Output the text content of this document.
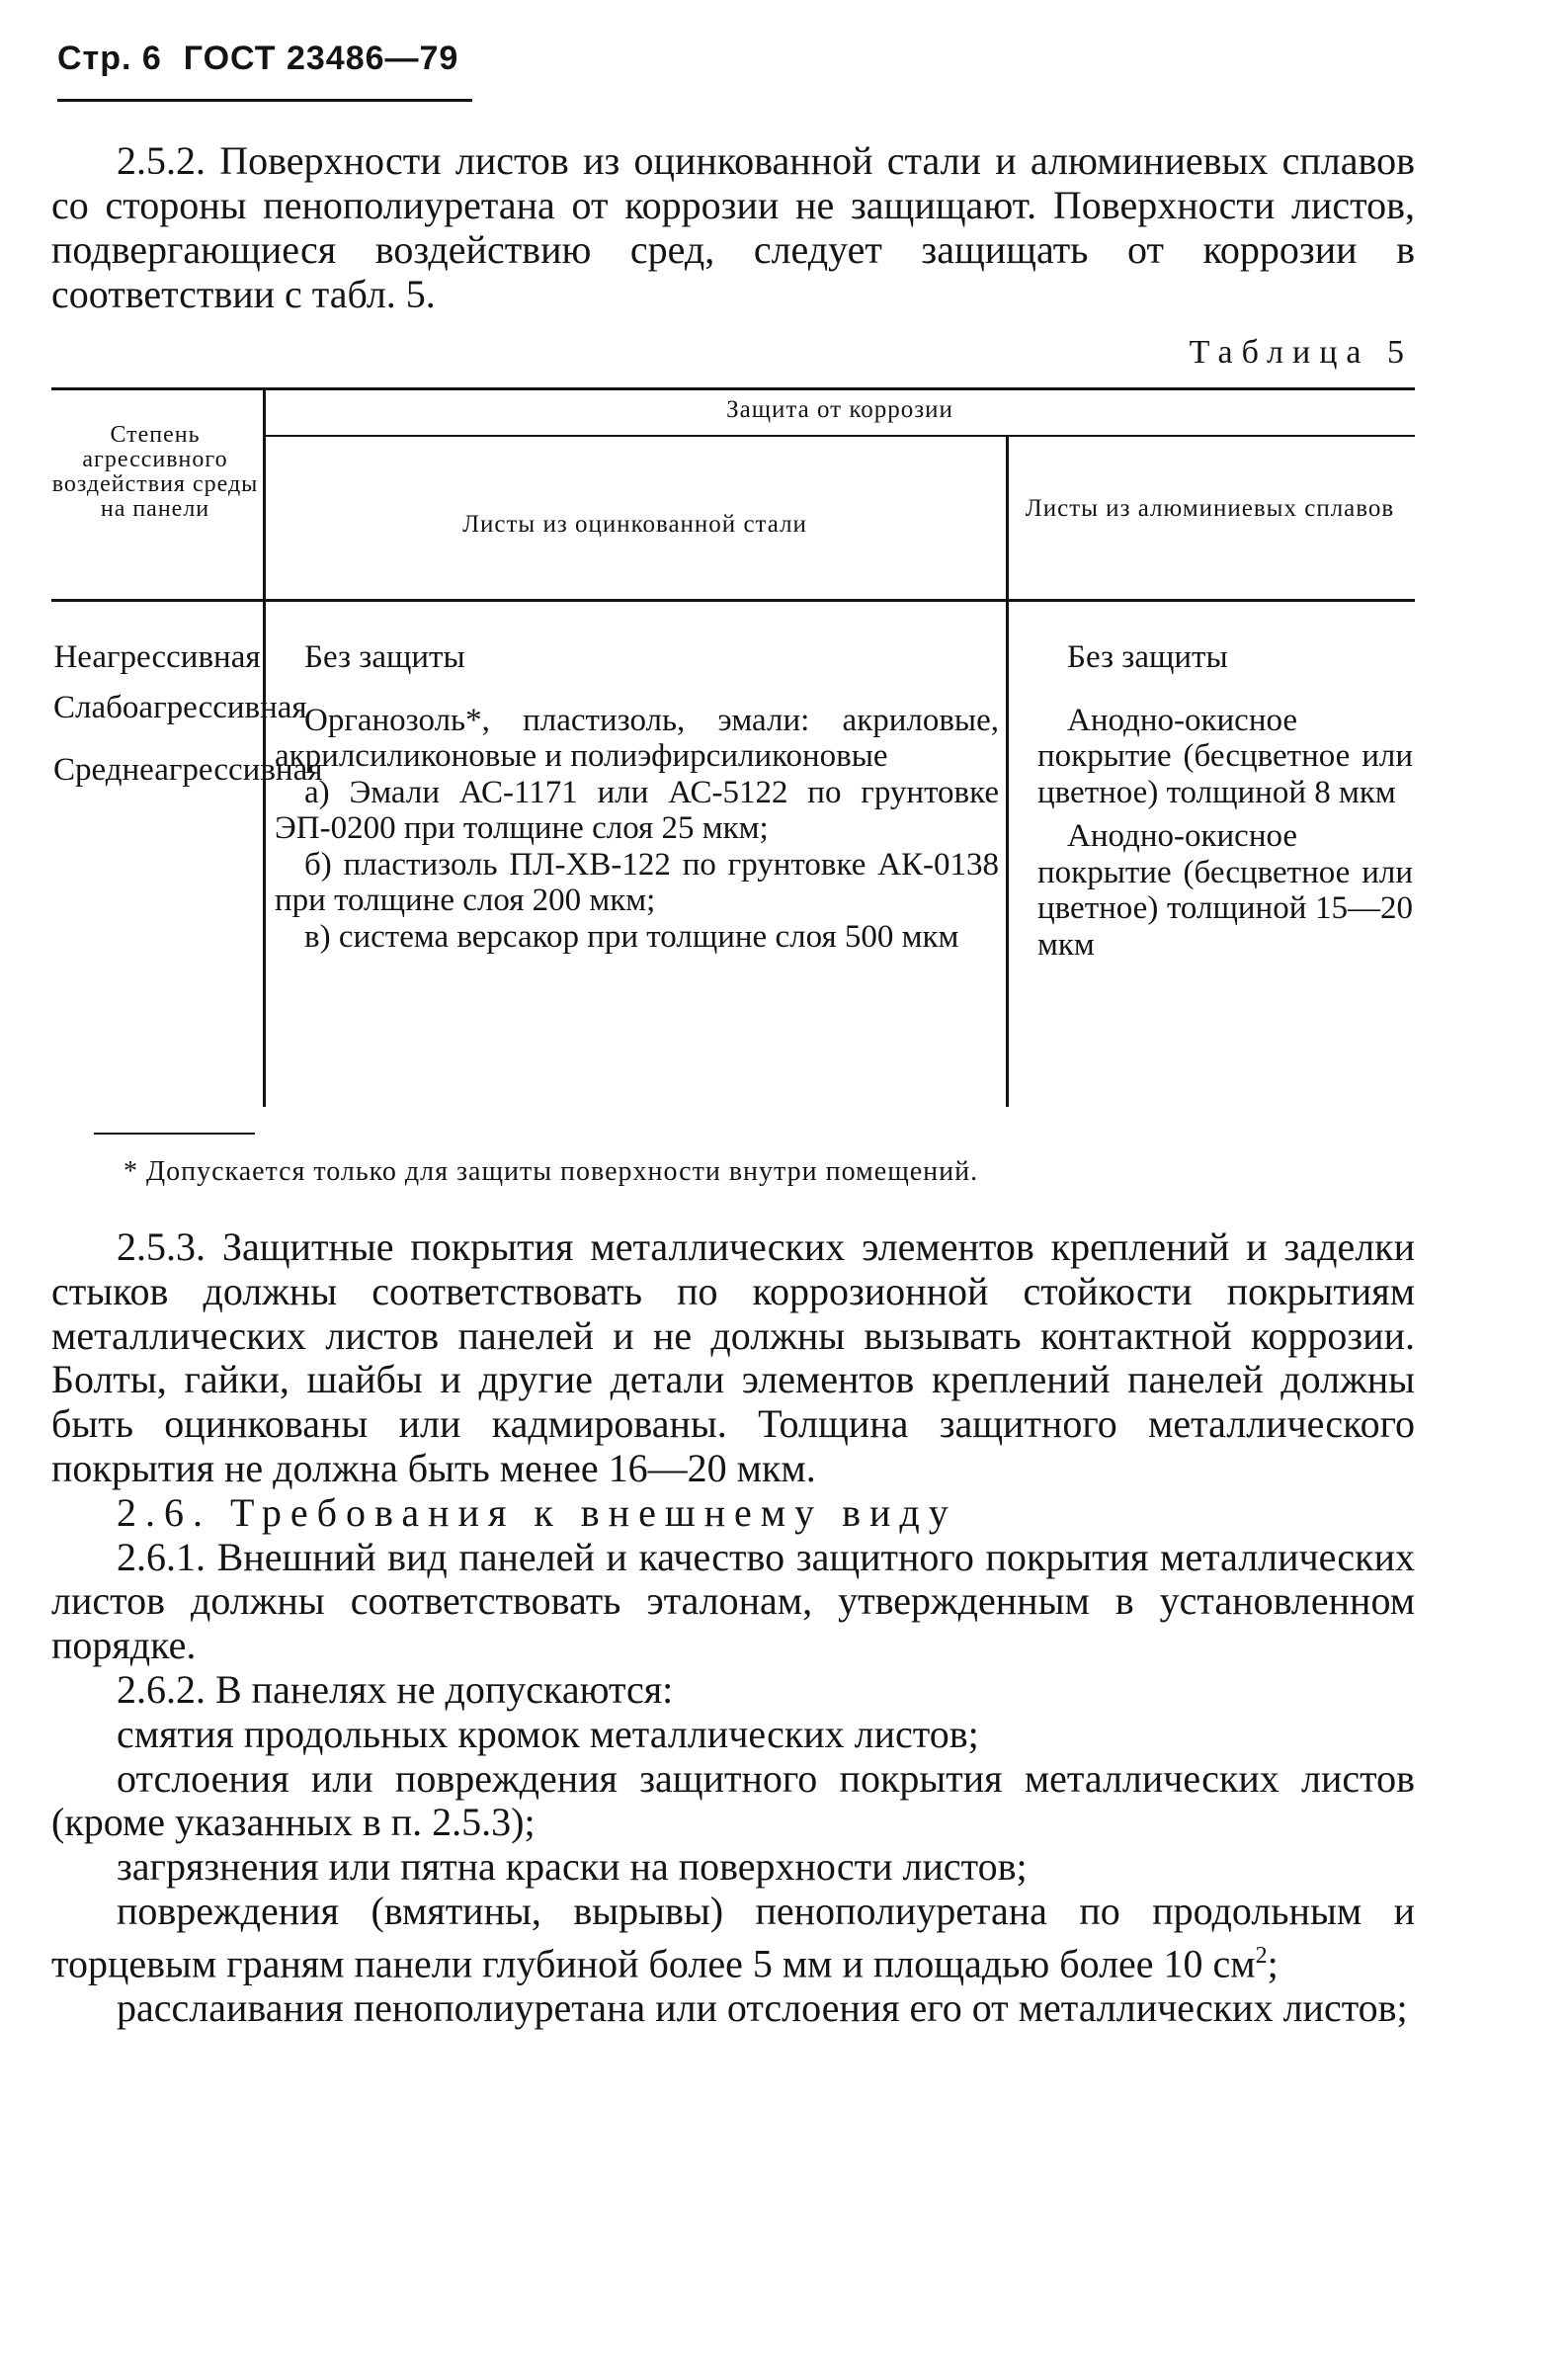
Стр. 6 ГОСТ 23486—79

2.5.2. Поверхности листов из оцинкованной стали и алюминиевых сплавов со стороны пенополиуретана от коррозии не защищают. Поверхности листов, подвергающиеся воздействию сред, следует защищать от коррозии в соответствии с табл. 5.

Таблица 5
Степень агрессивного воздействия среды на панели
Защита от коррозии
Листы из оцинкованной стали
Листы из алюминиевых сплавов
Неагрессивная
Слабоагрессивная
Среднеагрессивная

Без защиты

Органозоль*, пластизоль, эмали: акриловые, акрилсиликоновые и полиэфирсиликоновые

а) Эмали АС-1171 или АС-5122 по грунтовке ЭП-0200 при толщине слоя 25 мкм;

б) пластизоль ПЛ-ХВ-122 по грунтовке АК-0138 при толщине слоя 200 мкм;

в) система версакор при толщине слоя 500 мкм

Без защиты

Анодно-окисное покрытие (бесцветное или цветное) толщиной 8 мкм

Анодно-окисное покрытие (бесцветное или цветное) толщиной 15—20 мкм

* Допускается только для защиты поверхности внутри помещений.

2.5.3. Защитные покрытия металлических элементов креплений и заделки стыков должны соответствовать по коррозионной стойкости покрытиям металлических листов панелей и не должны вызывать контактной коррозии. Болты, гайки, шайбы и другие детали элементов креплений панелей должны быть оцинкованы или кадмированы. Толщина защитного металлического покрытия не должна быть менее 16—20 мкм.

2.6. Требования к внешнему виду

2.6.1. Внешний вид панелей и качество защитного покрытия металлических листов должны соответствовать эталонам, утвержденным в установленном порядке.

2.6.2. В панелях не допускаются:

смятия продольных кромок металлических листов;

отслоения или повреждения защитного покрытия металлических листов (кроме указанных в п. 2.5.3);

загрязнения или пятна краски на поверхности листов;

повреждения (вмятины, вырывы) пенополиуретана по продольным и торцевым граням панели глубиной более 5 мм и площадью более 10 $см^2$;

расслаивания пенополиуретана или отслоения его от металлических листов;
